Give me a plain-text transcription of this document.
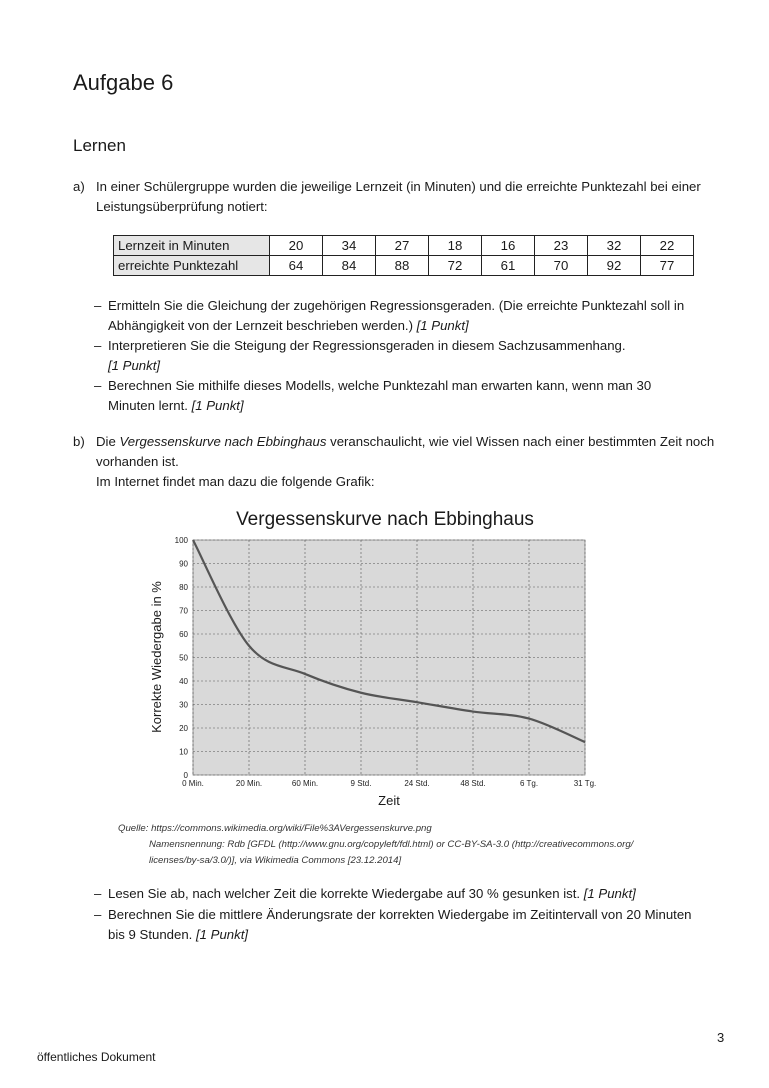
Aufgabe 6
Lernen
a) In einer Schülergruppe wurden die jeweilige Lernzeit (in Minuten) und die erreichte Punktezahl bei einer Leistungsüberprüfung notiert:
Lernzeit in Minuten	20	34	27	18	16	23	32	22
erreichte Punktezahl	64	84	88	72	61	70	92	77
– Ermitteln Sie die Gleichung der zugehörigen Regressionsgeraden. (Die erreichte Punktezahl soll in Abhängigkeit von der Lernzeit beschrieben werden.) [1 Punkt]
– Interpretieren Sie die Steigung der Regressionsgeraden in diesem Sachzusammenhang.
[1 Punkt]
– Berechnen Sie mithilfe dieses Modells, welche Punktezahl man erwarten kann, wenn man 30 Minuten lernt. [1 Punkt]
b) Die Vergessenskurve nach Ebbinghaus veranschaulicht, wie viel Wissen nach einer bestimmten Zeit noch vorhanden ist.
Im Internet findet man dazu die folgende Grafik:
Vergessenskurve nach Ebbinghaus
0
10
20
30
40
50
60
70
80
90
100
0 Min.	20 Min.	60 Min.	9 Std.	24 Std.	48 Std.	6 Tg.	31 Tg.
Korrekte Wiedergabe in %
Zeit
Quelle: https://commons.wikimedia.org/wiki/File%3AVergessenskurve.png
Namensnennung: Rdb [GFDL (http://www.gnu.org/copyleft/fdl.html) or CC-BY-SA-3.0 (http://creativecommons.org/
licenses/by-sa/3.0/)], via Wikimedia Commons [23.12.2014]
– Lesen Sie ab, nach welcher Zeit die korrekte Wiedergabe auf 30 % gesunken ist. [1 Punkt]
– Berechnen Sie die mittlere Änderungsrate der korrekten Wiedergabe im Zeitintervall von 20 Minuten bis 9 Stunden. [1 Punkt]
3
öffentliches Dokument
